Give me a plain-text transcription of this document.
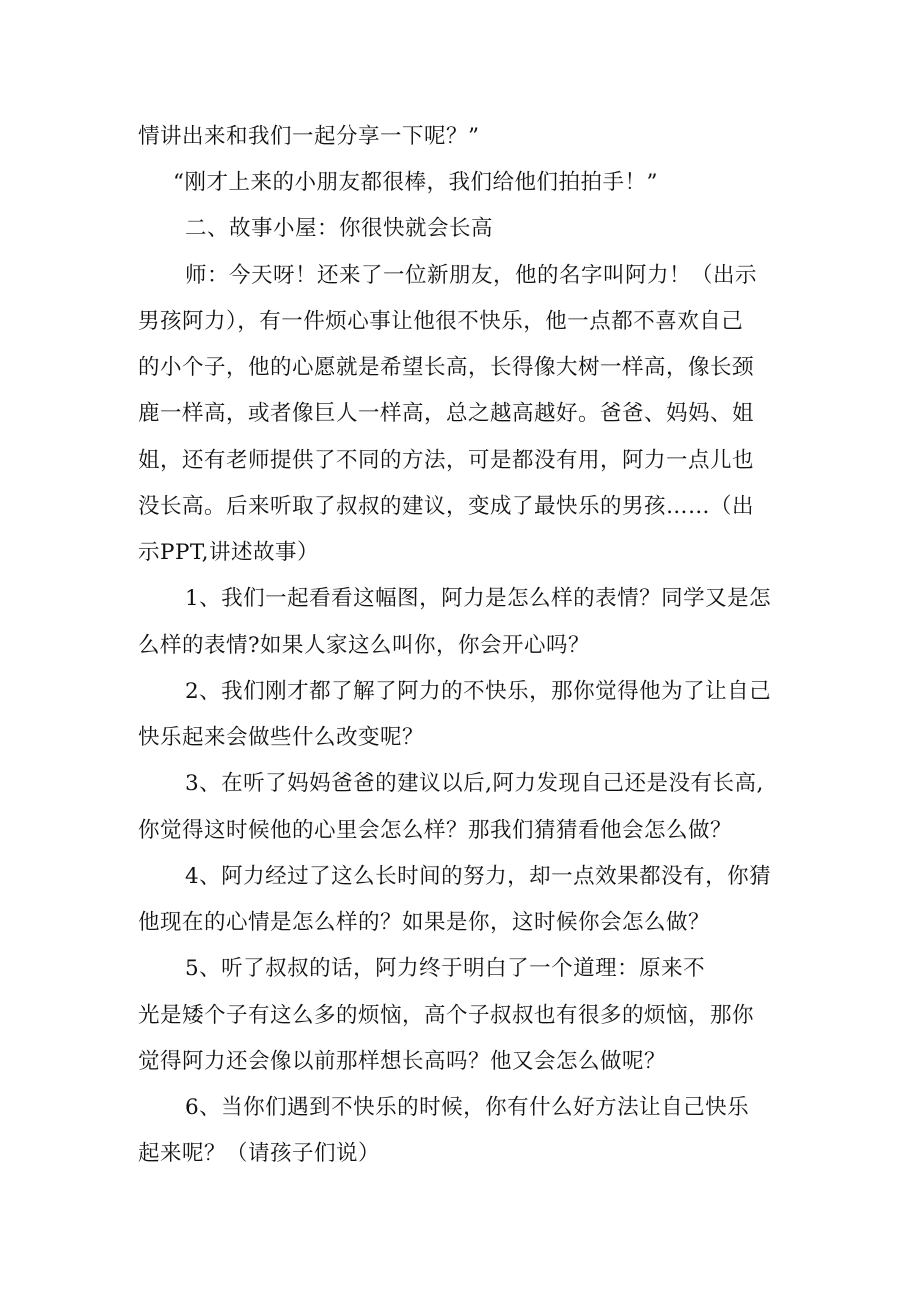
情讲出来和我们一起分享一下呢？”
“刚才上来的小朋友都很棒，我们给他们拍拍手！”
二、故事小屋：你很快就会长高
师：今天呀！还来了一位新朋友，他的名字叫阿力！（出示
男孩阿力），有一件烦心事让他很不快乐，他一点都不喜欢自己
的小个子，他的心愿就是希望长高，长得像大树一样高，像长颈
鹿一样高，或者像巨人一样高，总之越高越好。爸爸、妈妈、姐
姐，还有老师提供了不同的方法，可是都没有用，阿力一点儿也
没长高。后来听取了叔叔的建议，变成了最快乐的男孩……（出
示PPT,讲述故事）
1、我们一起看看这幅图，阿力是怎么样的表情？同学又是怎
么样的表情?如果人家这么叫你，你会开心吗？
2、我们刚才都了解了阿力的不快乐，那你觉得他为了让自己
快乐起来会做些什么改变呢？
3、在听了妈妈爸爸的建议以后,阿力发现自己还是没有长高,
你觉得这时候他的心里会怎么样？那我们猜猜看他会怎么做？
4、阿力经过了这么长时间的努力，却一点效果都没有，你猜
他现在的心情是怎么样的？如果是你，这时候你会怎么做？
5、听了叔叔的话，阿力终于明白了一个道理：原来不
光是矮个子有这么多的烦恼，高个子叔叔也有很多的烦恼，那你
觉得阿力还会像以前那样想长高吗？他又会怎么做呢？
6、当你们遇到不快乐的时候，你有什么好方法让自己快乐
起来呢？（请孩子们说）
